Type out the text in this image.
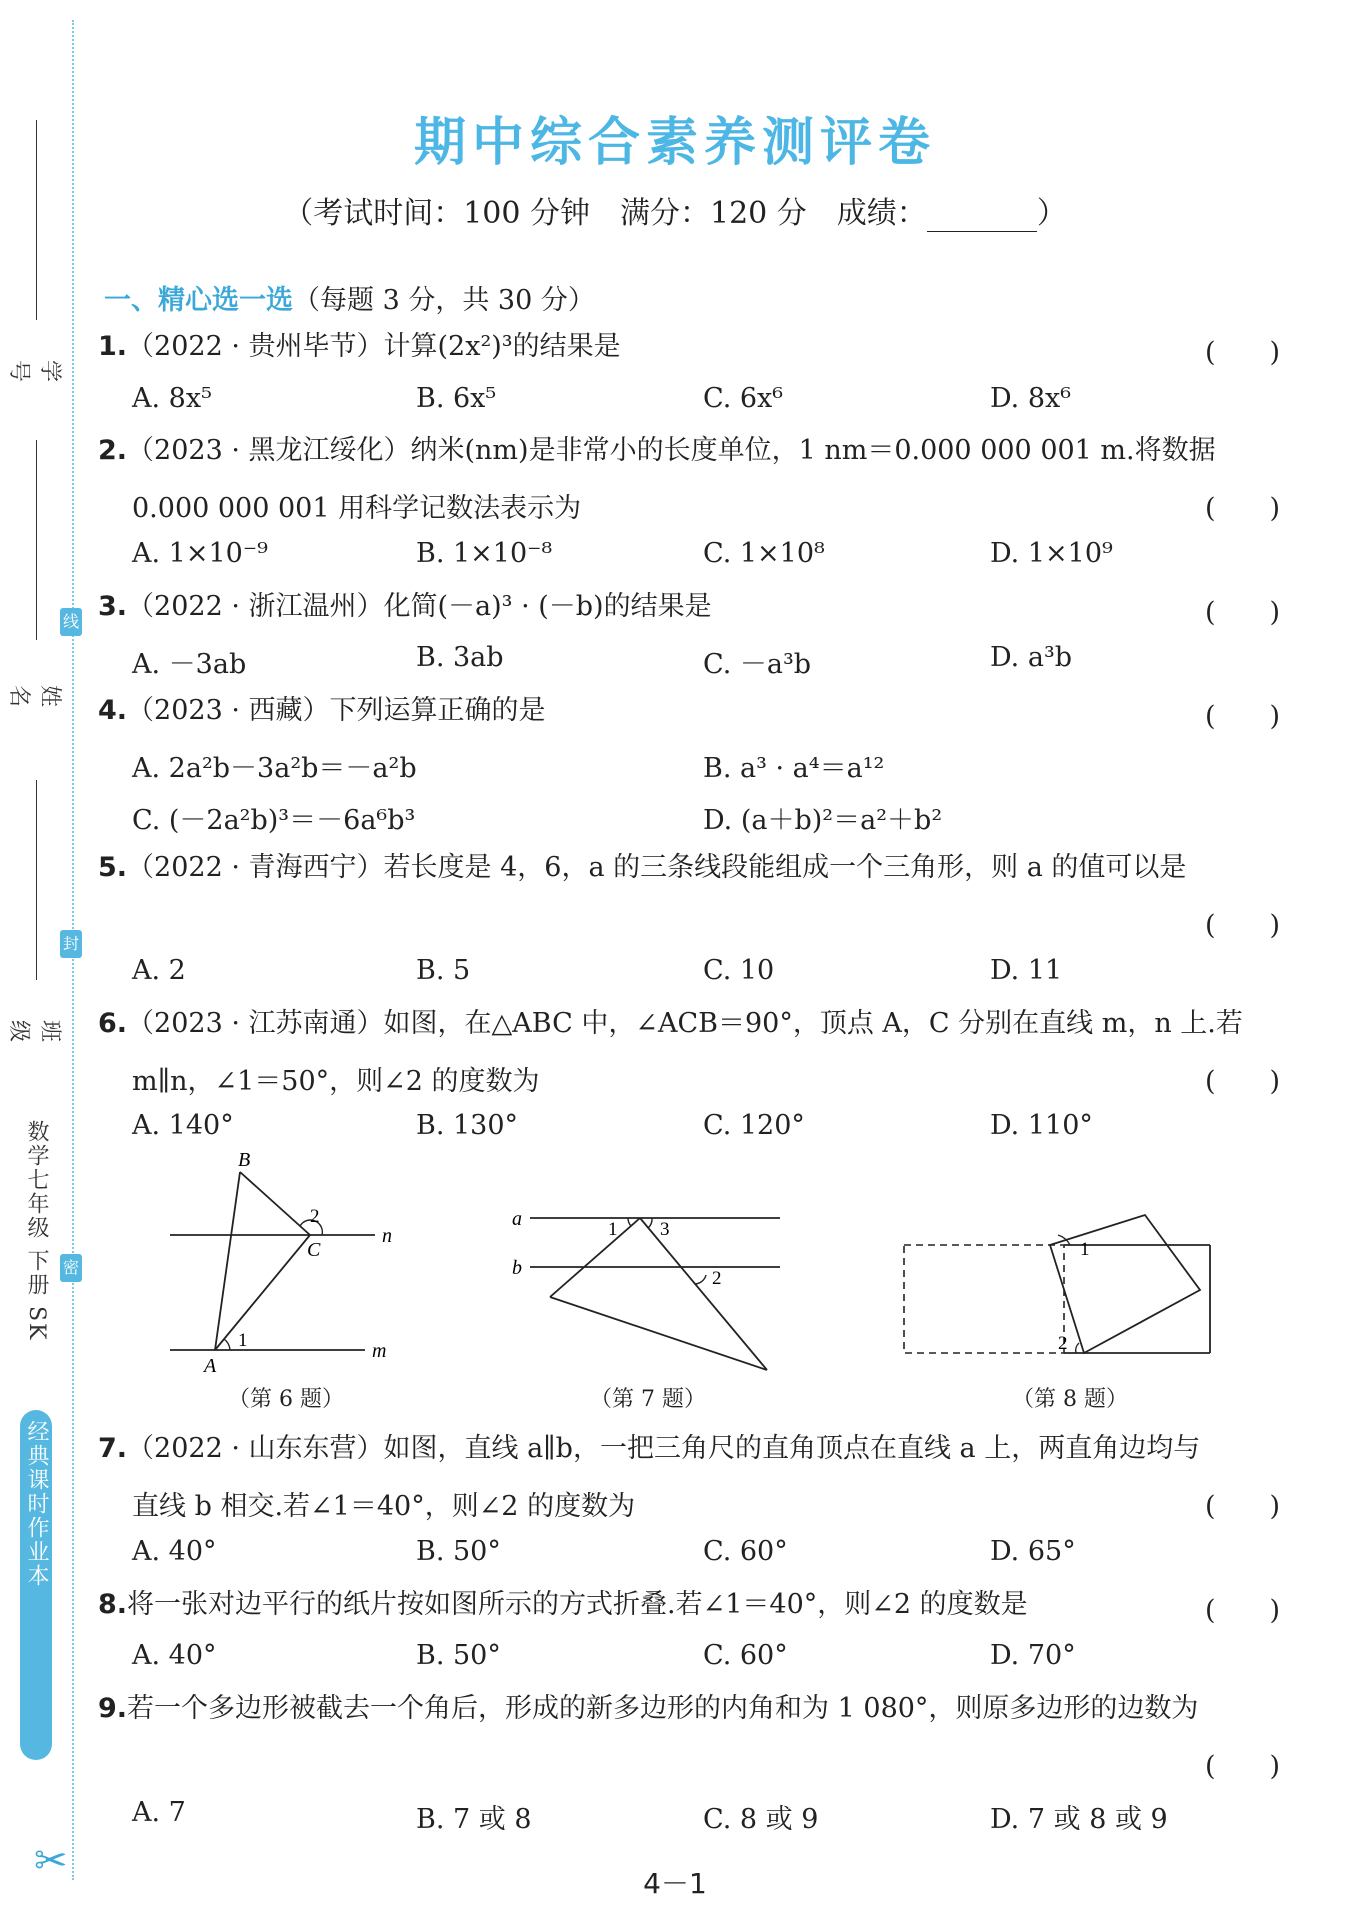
学号
姓名
班级
线
封
密
数学七年级 下册 SK
经典课时作业本
✂
期中综合素养测评卷
（考试时间：100 分钟　满分：120 分　成绩：	）
一、精心选一选（每题 3 分，共 30 分）
1.（2022 · 贵州毕节）计算(2x²)³的结果是	(　　)
A. 8x⁵	B. 6x⁵	C. 6x⁶	D. 8x⁶
2.（2023 · 黑龙江绥化）纳米(nm)是非常小的长度单位，1 nm＝0.000 000 001 m.将数据
0.000 000 001 用科学记数法表示为	(　　)
A. 1×10⁻⁹	B. 1×10⁻⁸	C. 1×10⁸	D. 1×10⁹
3.（2022 · 浙江温州）化简(－a)³ · (－b)的结果是	(　　)
A. －3ab	B. 3ab	C. －a³b	D. a³b
4.（2023 · 西藏）下列运算正确的是	(　　)
A. 2a²b－3a²b＝－a²b	B. a³ · a⁴＝a¹²
C. (－2a²b)³＝－6a⁶b³	D. (a＋b)²＝a²＋b²
5.（2022 · 青海西宁）若长度是 4，6，a 的三条线段能组成一个三角形，则 a 的值可以是
(　　)
A. 2	B. 5	C. 10	D. 11
6.（2023 · 江苏南通）如图，在△ABC 中，∠ACB＝90°，顶点 A，C 分别在直线 m，n 上.若
m∥n，∠1＝50°，则∠2 的度数为	(　　)
A. 140°	B. 130°	C. 120°	D. 110°
B
C
A
n
m
1
2
（第 6 题）
a
b
1
2
3
（第 7 题）
1
2
（第 8 题）
7.（2022 · 山东东营）如图，直线 a∥b，一把三角尺的直角顶点在直线 a 上，两直角边均与
直线 b 相交.若∠1＝40°，则∠2 的度数为	(　　)
A. 40°	B. 50°	C. 60°	D. 65°
8.将一张对边平行的纸片按如图所示的方式折叠.若∠1＝40°，则∠2 的度数是	(　　)
A. 40°	B. 50°	C. 60°	D. 70°
9.若一个多边形被截去一个角后，形成的新多边形的内角和为 1 080°，则原多边形的边数为
(　　)
A. 7	B. 7 或 8	C. 8 或 9	D. 7 或 8 或 9
4－1
